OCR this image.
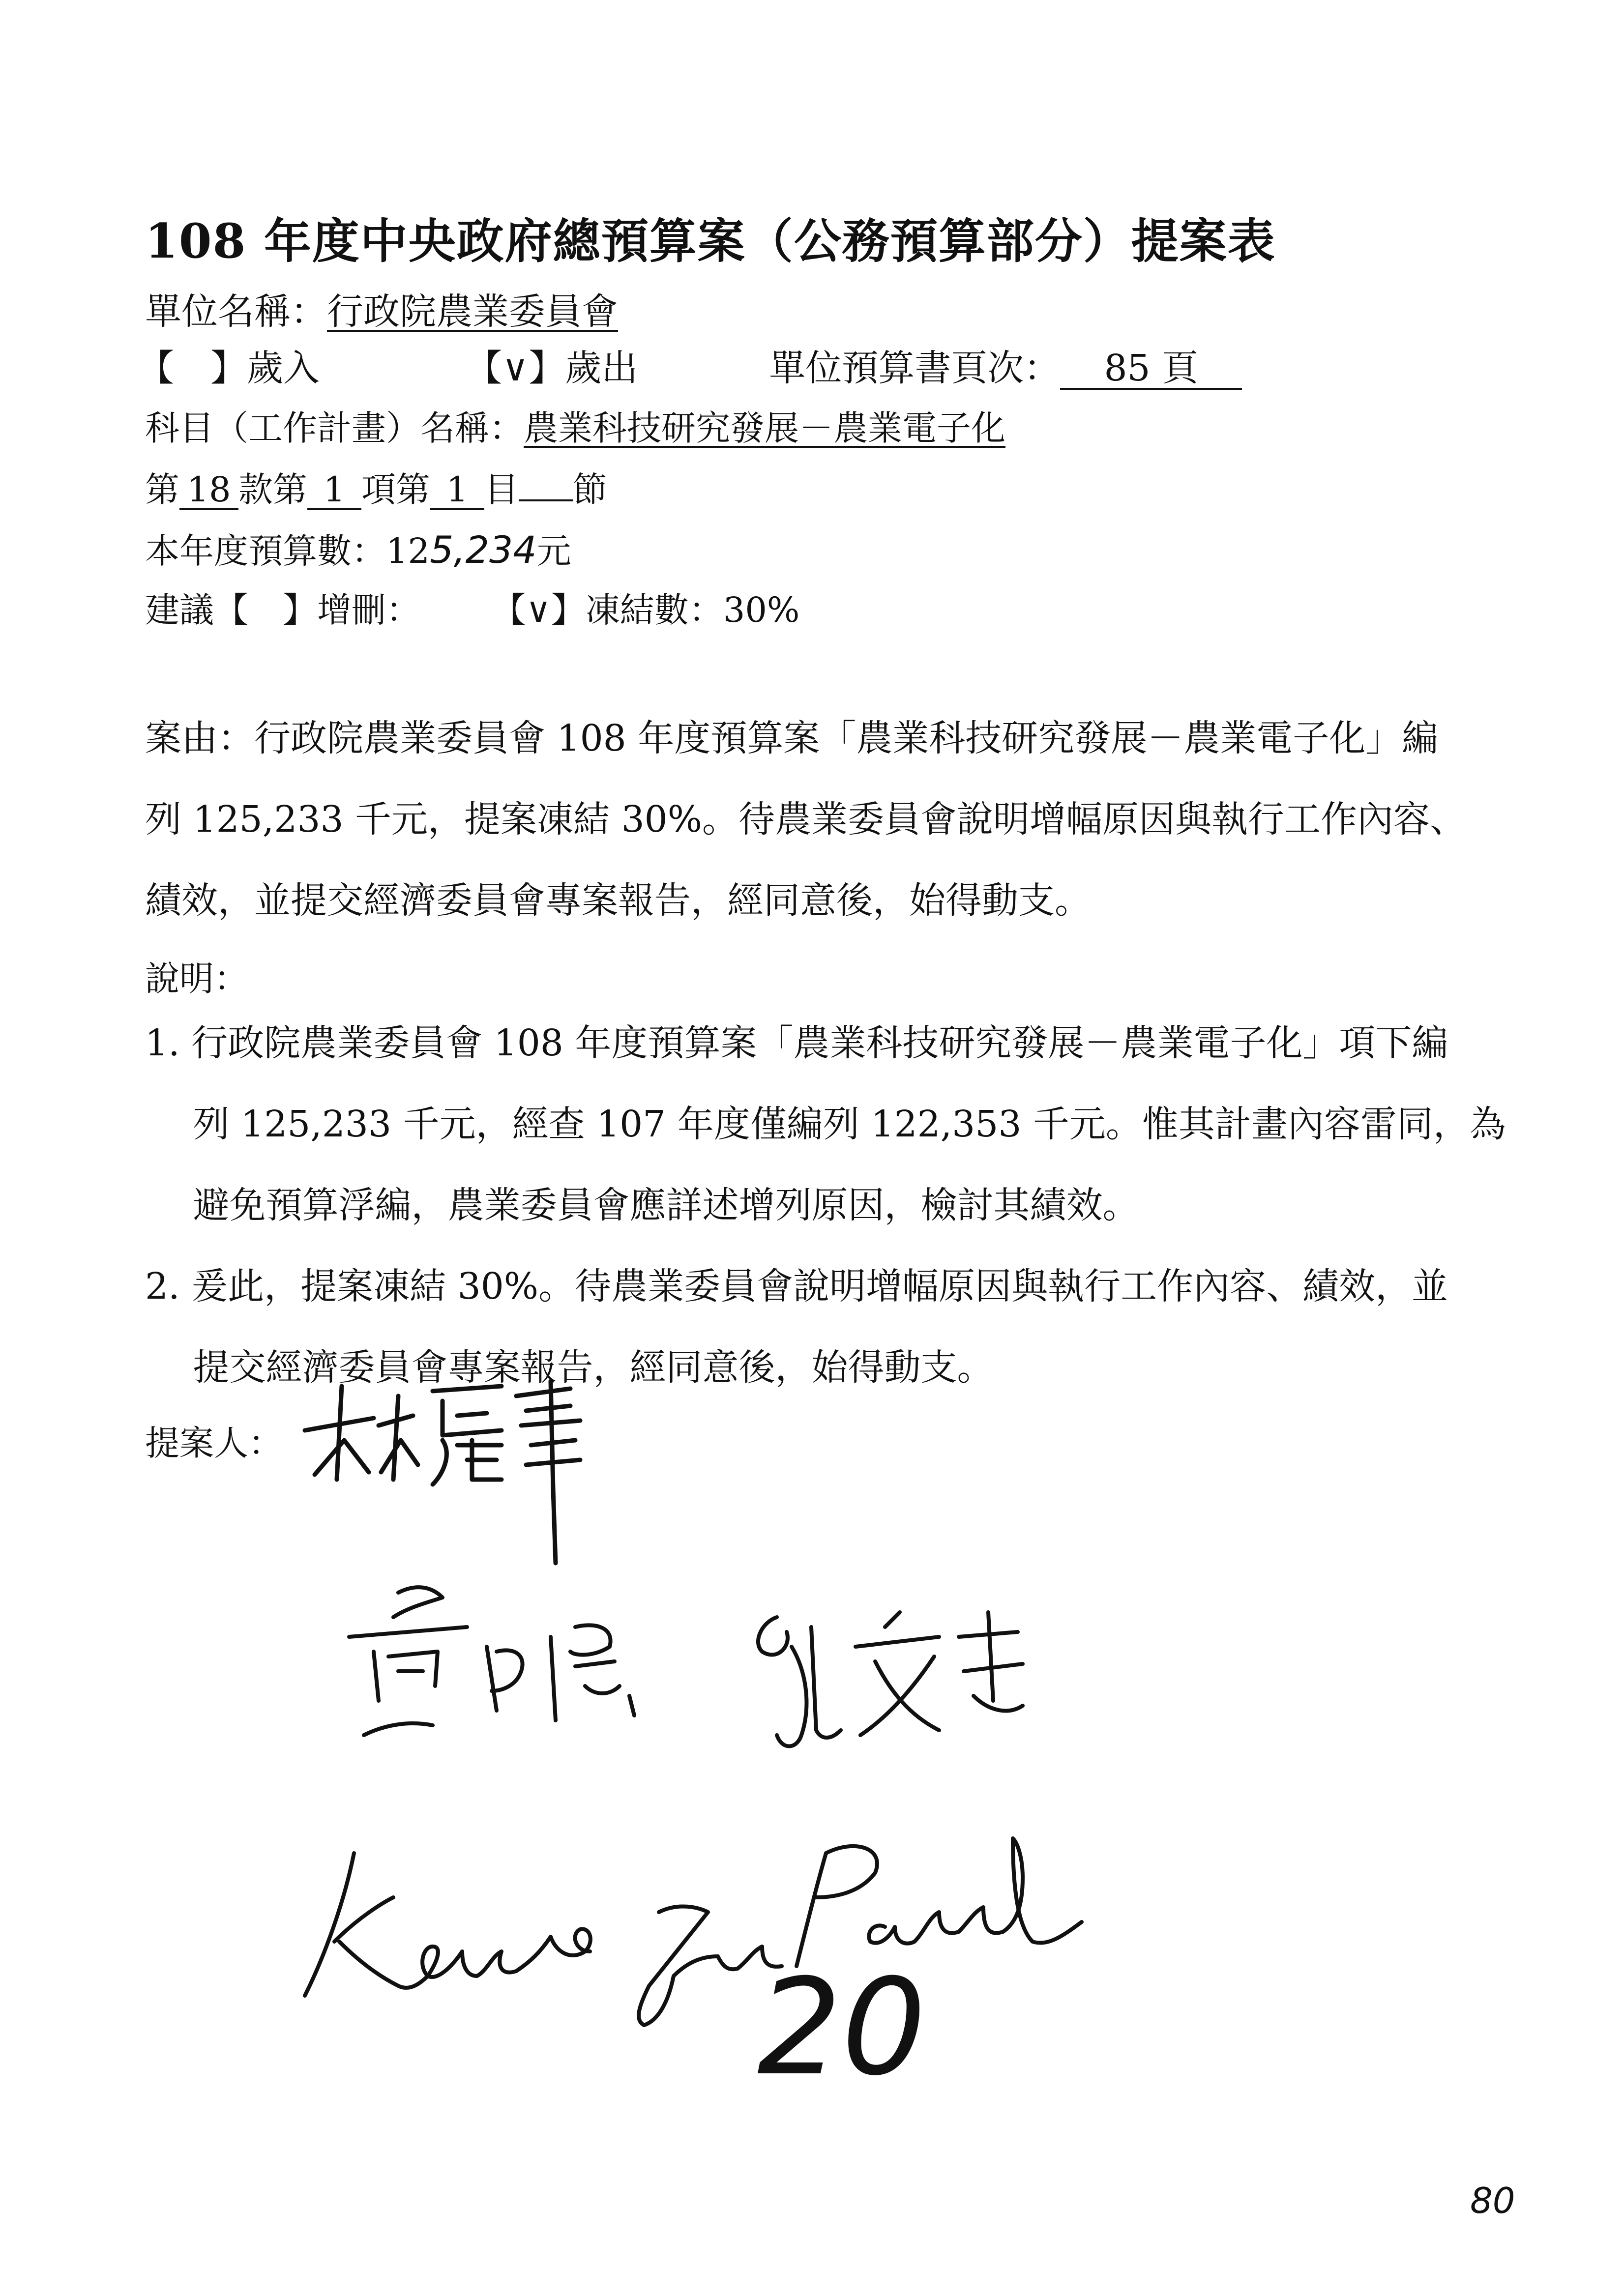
108 年度中央政府總預算案（公務預算部分）提案表
單位名稱：行政院農業委員會
【　】歲入	【∨】歲出	單位預算書頁次： 85 頁
科目（工作計畫）名稱：農業科技研究發展－農業電子化
第 18 款第 1 項第 1 目 節
本年度預算數：125,234元
建議【　】增刪： 【∨】凍結數：30%
案由：行政院農業委員會 108 年度預算案「農業科技研究發展－農業電子化」編
列 125,233 千元，提案凍結 30%。待農業委員會說明增幅原因與執行工作內容、
績效，並提交經濟委員會專案報告，經同意後，始得動支。
說明：
1. 行政院農業委員會 108 年度預算案「農業科技研究發展－農業電子化」項下編
　 列 125,233 千元，經查 107 年度僅編列 122,353 千元。惟其計畫內容雷同，為
　 避免預算浮編，農業委員會應詳述增列原因，檢討其績效。
2. 爰此，提案凍結 30%。待農業委員會說明增幅原因與執行工作內容、績效，並
　 提交經濟委員會專案報告，經同意後，始得動支。
提案人：
20
80
